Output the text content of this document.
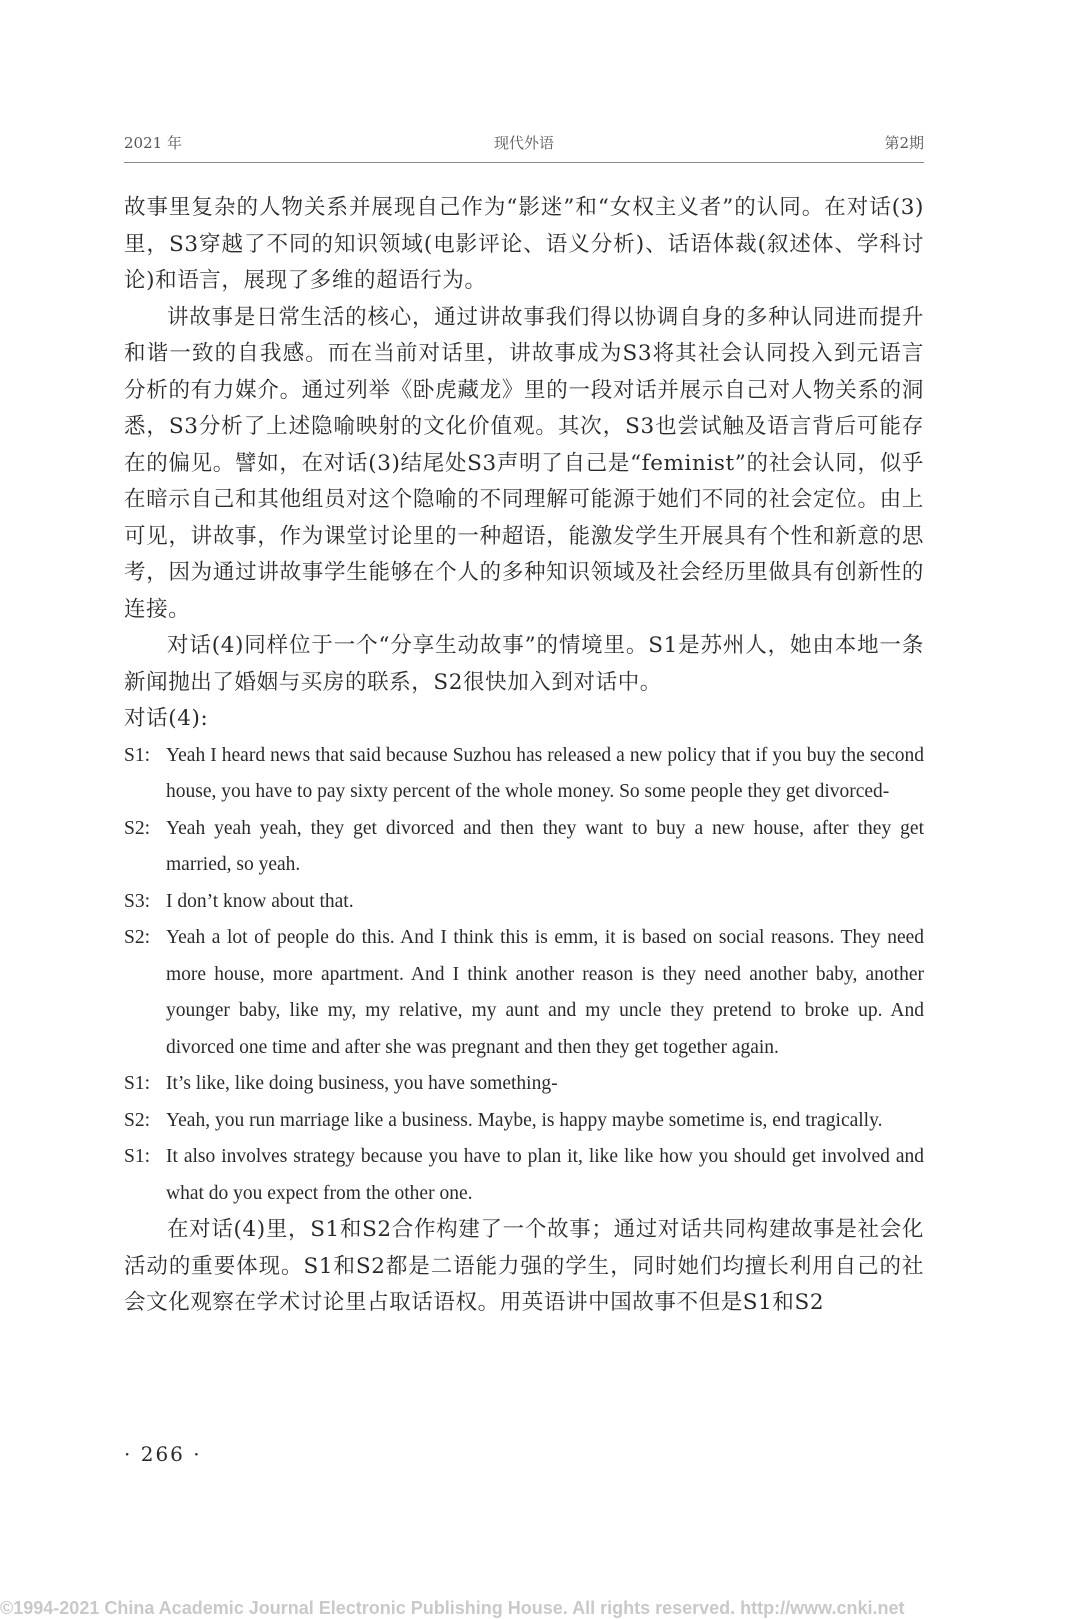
2021 年	现代外语	第2期

故事里复杂的人物关系并展现自己作为“影迷”和“女权主义者”的认同。在对话(3)里，S3穿越了不同的知识领域(电影评论、语义分析)、话语体裁(叙述体、学科讨论)和语言，展现了多维的超语行为。

讲故事是日常生活的核心，通过讲故事我们得以协调自身的多种认同进而提升和谐一致的自我感。而在当前对话里，讲故事成为S3将其社会认同投入到元语言分析的有力媒介。通过列举《卧虎藏龙》里的一段对话并展示自己对人物关系的洞悉，S3分析了上述隐喻映射的文化价值观。其次，S3也尝试触及语言背后可能存在的偏见。譬如，在对话(3)结尾处S3声明了自己是“feminist”的社会认同，似乎在暗示自己和其他组员对这个隐喻的不同理解可能源于她们不同的社会定位。由上可见，讲故事，作为课堂讨论里的一种超语，能激发学生开展具有个性和新意的思考，因为通过讲故事学生能够在个人的多种知识领域及社会经历里做具有创新性的连接。

对话(4)同样位于一个“分享生动故事”的情境里。S1是苏州人，她由本地一条新闻抛出了婚姻与买房的联系，S2很快加入到对话中。

对话(4):

S1: Yeah I heard news that said because Suzhou has released a new policy that if you buy the second house, you have to pay sixty percent of the whole money. So some people they get divorced-
S2: Yeah yeah yeah, they get divorced and then they want to buy a new house, after they get married, so yeah.
S3: I don’t know about that.
S2: Yeah a lot of people do this. And I think this is emm, it is based on social reasons. They need more house, more apartment. And I think another reason is they need another baby, another younger baby, like my, my relative, my aunt and my uncle they pretend to broke up. And divorced one time and after she was pregnant and then they get together again.
S1: It’s like, like doing business, you have something-
S2: Yeah, you run marriage like a business. Maybe, is happy maybe sometime is, end tragically.
S1: It also involves strategy because you have to plan it, like like how you should get involved and what do you expect from the other one.

在对话(4)里，S1和S2合作构建了一个故事；通过对话共同构建故事是社会化活动的重要体现。S1和S2都是二语能力强的学生，同时她们均擅长利用自己的社会文化观察在学术讨论里占取话语权。用英语讲中国故事不但是S1和S2

· 266 ·
©1994-2021 China Academic Journal Electronic Publishing House. All rights reserved. http://www.cnki.net
